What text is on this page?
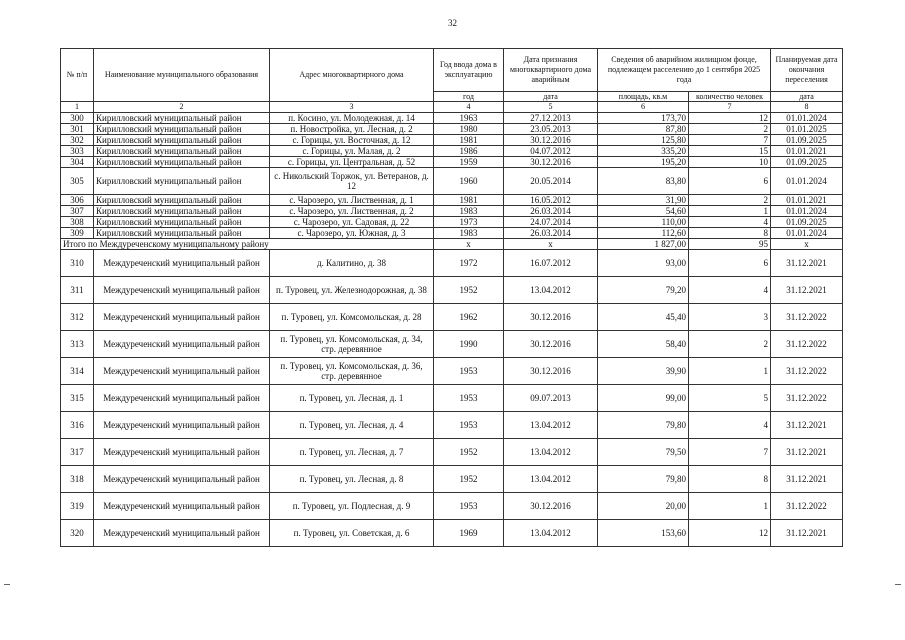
32
№ п/п	Наименование муниципального образования	Адрес многоквартирного дома	Год ввода дома в эксплуатацию	Дата признания многоквартирного дома аварийным	Сведения об аварийном жилищном фонде, подлежащем расселению до 1 сентября 2025 года		Планируемая дата окончания переселения
			год	дата	площадь, кв.м	количество человек	дата
1	2	3	4	5	6	7	8
300	Кирилловский муниципальный район	п. Косино, ул. Молодежная, д. 14	1963	27.12.2013	173,70	12	01.01.2024
301	Кирилловский муниципальный район	п. Новостройка, ул. Лесная, д. 2	1980	23.05.2013	87,80	2	01.01.2025
302	Кирилловский муниципальный район	с. Горицы, ул. Восточная, д. 12	1981	30.12.2016	125,80	7	01.09.2025
303	Кирилловский муниципальный район	с. Горицы, ул. Малая, д. 2	1986	04.07.2012	335,20	15	01.01.2021
304	Кирилловский муниципальный район	с. Горицы, ул. Центральная, д. 52	1959	30.12.2016	195,20	10	01.09.2025
305	Кирилловский муниципальный район	с. Никольский Торжок, ул. Ветеранов, д. 12	1960	20.05.2014	83,80	6	01.01.2024
306	Кирилловский муниципальный район	с. Чарозеро, ул. Лиственная, д. 1	1981	16.05.2012	31,90	2	01.01.2021
307	Кирилловский муниципальный район	с. Чарозеро, ул. Лиственная, д. 2	1983	26.03.2014	54,60	1	01.01.2024
308	Кирилловский муниципальный район	с. Чарозеро, ул. Садовая, д. 22	1973	24.07.2014	110,00	4	01.09.2025
309	Кирилловский муниципальный район	с. Чарозеро, ул. Южная, д. 3	1983	26.03.2014	112,60	8	01.01.2024
Итого по Междуреченскому муниципальному району			x	x	1 827,00	95	x
310	Междуреченский муниципальный район	д. Калитино, д. 38	1972	16.07.2012	93,00	6	31.12.2021
311	Междуреченский муниципальный район	п. Туровец, ул. Железнодорожная, д. 38	1952	13.04.2012	79,20	4	31.12.2021
312	Междуреченский муниципальный район	п. Туровец, ул. Комсомольская, д. 28	1962	30.12.2016	45,40	3	31.12.2022
313	Междуреченский муниципальный район	п. Туровец, ул. Комсомольская, д. 34, стр. деревянное	1990	30.12.2016	58,40	2	31.12.2022
314	Междуреченский муниципальный район	п. Туровец, ул. Комсомольская, д. 36, стр. деревянное	1953	30.12.2016	39,90	1	31.12.2022
315	Междуреченский муниципальный район	п. Туровец, ул. Лесная, д. 1	1953	09.07.2013	99,00	5	31.12.2022
316	Междуреченский муниципальный район	п. Туровец, ул. Лесная, д. 4	1953	13.04.2012	79,80	4	31.12.2021
317	Междуреченский муниципальный район	п. Туровец, ул. Лесная, д. 7	1952	13.04.2012	79,50	7	31.12.2021
318	Междуреченский муниципальный район	п. Туровец, ул. Лесная, д. 8	1952	13.04.2012	79,80	8	31.12.2021
319	Междуреченский муниципальный район	п. Туровец, ул. Подлесная, д. 9	1953	30.12.2016	20,00	1	31.12.2022
320	Междуреченский муниципальный район	п. Туровец, ул. Советская, д. 6	1969	13.04.2012	153,60	12	31.12.2021
